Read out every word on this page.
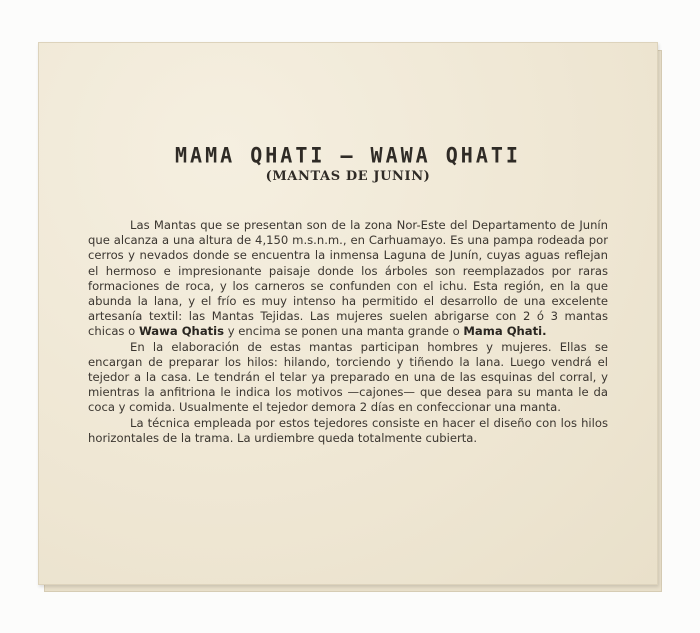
MAMA QHATI — WAWA QHATI
(MANTAS DE JUNIN)

Las Mantas que se presentan son de la zona Nor-Este del Departamento de Junín que alcanza a una altura de 4,150 m.s.n.m., en Carhuamayo. Es una pampa rodeada por cerros y nevados donde se encuentra la inmensa Laguna de Junín, cuyas aguas reflejan el hermoso e impresionante paisaje donde los árboles son reemplazados por raras formaciones de roca, y los carneros se confunden con el ichu. Esta región, en la que abunda la lana, y el frío es muy intenso ha permitido el desarrollo de una excelente artesanía textil: las Mantas Tejidas. Las mujeres suelen abrigarse con 2 ó 3 mantas chicas o Wawa Qhatis y encima se ponen una manta grande o Mama Qhati.

En la elaboración de estas mantas participan hombres y mujeres. Ellas se encargan de preparar los hilos: hilando, torciendo y tiñendo la lana. Luego vendrá el tejedor a la casa. Le tendrán el telar ya preparado en una de las esquinas del corral, y mientras la anfitriona le indica los motivos —cajones— que desea para su manta le da coca y comida. Usualmente el tejedor demora 2 días en confeccionar una manta.

La técnica empleada por estos tejedores consiste en hacer el diseño con los hilos horizontales de la trama. La urdiembre queda totalmente cubierta.
